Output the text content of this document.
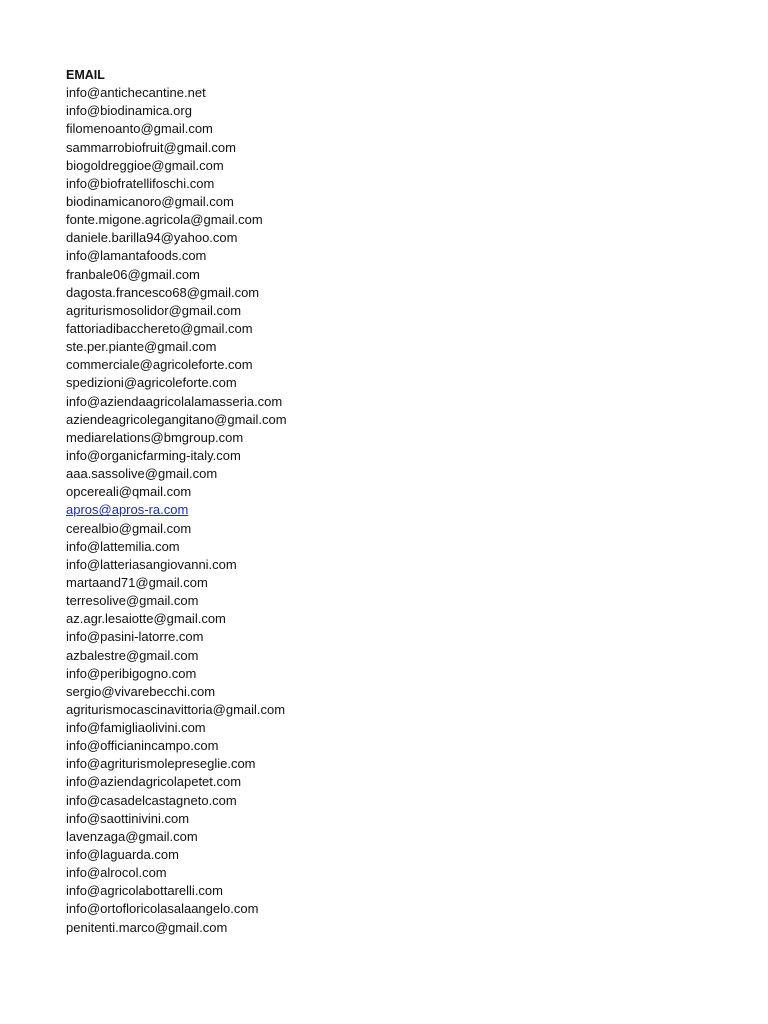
EMAIL
info@antichecantine.net
info@biodinamica.org
filomenoanto@gmail.com
sammarrobiofruit@gmail.com
biogoldreggioe@gmail.com
info@biofratellifoschi.com
biodinamicanoro@gmail.com
fonte.migone.agricola@gmail.com
daniele.barilla94@yahoo.com
info@lamantafoods.com
franbale06@gmail.com
dagosta.francesco68@gmail.com
agriturismosolidor@gmail.com
fattoriadibacchereto@gmail.com
ste.per.piante@gmail.com
commerciale@agricoleforte.com
spedizioni@agricoleforte.com
info@aziendaagricolalamasseria.com
aziendeagricolegangitano@gmail.com
mediarelations@bmgroup.com
info@organicfarming-italy.com
aaa.sassolive@gmail.com
opcereali@qmail.com
apros@apros-ra.com
cerealbio@gmail.com
info@lattemilia.com
info@latteriasangiovanni.com
martaand71@gmail.com
terresolive@gmail.com
az.agr.lesaiotte@gmail.com
info@pasini-latorre.com
azbalestre@gmail.com
info@peribigogno.com
sergio@vivarebecchi.com
agriturismocascinavittoria@gmail.com
info@famigliaolivini.com
info@officianincampo.com
info@agriturismolepreseglie.com
info@aziendagricolapetet.com
info@casadelcastagneto.com
info@saottinivini.com
lavenzaga@gmail.com
info@laguarda.com
info@alrocol.com
info@agricolabottarelli.com
info@ortofloricolasalaangelo.com
penitenti.marco@gmail.com
